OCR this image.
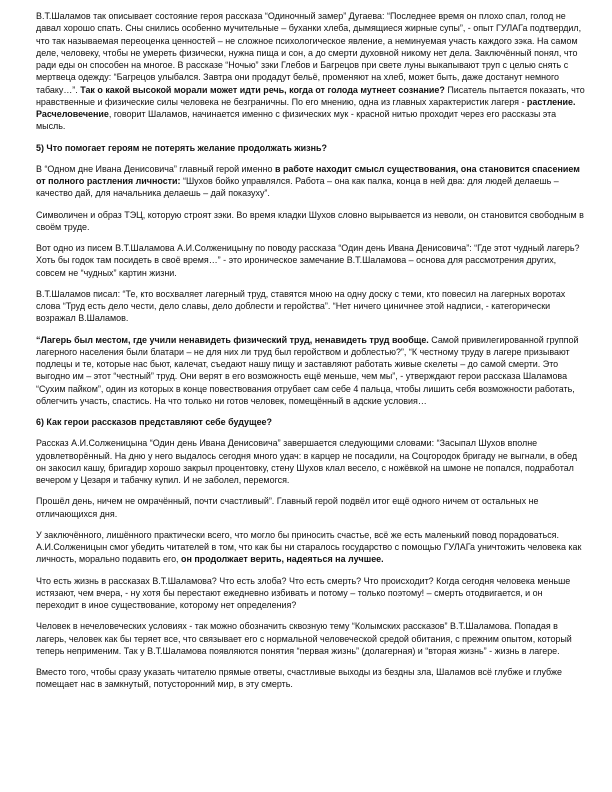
В.Т.Шаламов так описывает состояние героя рассказа “Одиночный замер” Дугаева: “Последнее время он плохо спал, голод не давал хорошо спать. Сны снились особенно мучительные – буханки хлеба, дымящиеся жирные супы”, - опыт ГУЛАГа подтвердил, что так называемая переоценка ценностей – не сложное психологическое явление, а неминуемая участь каждого зэка. На самом деле, человеку, чтобы не умереть физически, нужна пища и сон, а до смерти духовной никому нет дела. Заключённый понял, что ради еды он способен на многое. В рассказе “Ночью” зэки Глебов и Багрецов при свете луны выкапывают труп с целью снять с мертвеца одежду: “Багрецов улыбался. Завтра они продадут бельё, променяют на хлеб, может быть, даже достанут немного табаку…”. Так о какой высокой морали может идти речь, когда от голода мутнеет сознание? Писатель пытается показать, что нравственные и физические силы человека не безграничны. По его мнению, одна из главных характеристик лагеря - растление. Расчеловечение, говорит Шаламов, начинается именно с физических мук - красной нитью проходит через его рассказы эта мысль.

5) Что помогает героям не потерять желание продолжать жизнь?

В “Одном дне Ивана Денисовича” главный герой именно в работе находит смысл существования, она становится спасением от полного растления личности: “Шухов бойко управлялся. Работа – она как палка, конца в ней два: для людей делаешь – качество дай, для начальника делаешь – дай показуху”.

Символичен и образ ТЭЦ, которую строят зэки. Во время кладки Шухов словно вырывается из неволи, он становится свободным в своём труде.

Вот одно из писем В.Т.Шаламова А.И.Солженицыну по поводу рассказа “Один день Ивана Денисовича”: “Где этот чудный лагерь? Хоть бы годок там посидеть в своё время…” - это ироническое замечание В.Т.Шаламова – основа для рассмотрения других, совсем не “чудных” картин жизни.

В.Т.Шаламов писал: “Те, кто восхваляет лагерный труд, ставятся мною на одну доску с теми, кто повесил на лагерных воротах слова “Труд есть дело чести, дело славы, дело доблести и геройства”. “Нет ничего циничнее этой надписи, - категорически возражал В.Шаламов.

“Лагерь был местом, где учили ненавидеть физический труд, ненавидеть труд вообще. Самой привилегированной группой лагерного населения были блатари – не для них ли труд был геройством и доблестью?”, “К честному труду в лагере призывают подлецы и те, которые нас бьют, калечат, съедают нашу пищу и заставляют работать живые скелеты – до самой смерти. Это выгодно им – этот “честный” труд. Они верят в его возможность ещё меньше, чем мы”, - утверждают герои рассказа Шаламова “Сухим пайком”, один из которых в конце повествования отрубает сам себе 4 пальца, чтобы лишить себя возможности работать, облегчить участь, спастись. На что только ни готов человек, помещённый в адские условия…

6) Как герои рассказов представляют себе будущее?

Рассказ А.И.Солженицына “Один день Ивана Денисовича” завершается следующими словами: “Засыпал Шухов вполне удовлетворённый. На дню у него выдалось сегодня много удач: в карцер не посадили, на Соцгородок бригаду не выгнали, в обед он закосил кашу, бригадир хорошо закрыл процентовку, стену Шухов клал весело, с ножёвкой на шмоне не попался, подработал вечером у Цезаря и табачку купил. И не заболел, перемогся.

Прошёл день, ничем не омрачённый, почти счастливый”. Главный герой подвёл итог ещё одного ничем от остальных не отличающихся дня.

У заключённого, лишённого практически всего, что могло бы приносить счастье, всё же есть маленький повод порадоваться. А.И.Солженицын смог убедить читателей в том, что как бы ни старалось государство с помощью ГУЛАГа уничтожить человека как личность, морально подавить его, он продолжает верить, надеяться на лучшее.

Что есть жизнь в рассказах В.Т.Шаламова? Что есть злоба? Что есть смерть? Что происходит? Когда сегодня человека меньше истязают, чем вчера, - ну хотя бы перестают ежедневно избивать и потому – только поэтому! – смерть отодвигается, и он переходит в иное существование, которому нет определения?

Человек в нечеловеческих условиях - так можно обозначить сквозную тему “Колымских рассказов” В.Т.Шаламова. Попадая в лагерь, человек как бы теряет все, что связывает его с нормальной человеческой средой обитания, с прежним опытом, который теперь неприменим. Так у В.Т.Шаламова появляются понятия “первая жизнь” (долагерная) и “вторая жизнь” - жизнь в лагере.

Вместо того, чтобы сразу указать читателю прямые ответы, счастливые выходы из бездны зла, Шаламов всё глубже и глубже помещает нас в замкнутый, потусторонний мир, в эту смерть.
